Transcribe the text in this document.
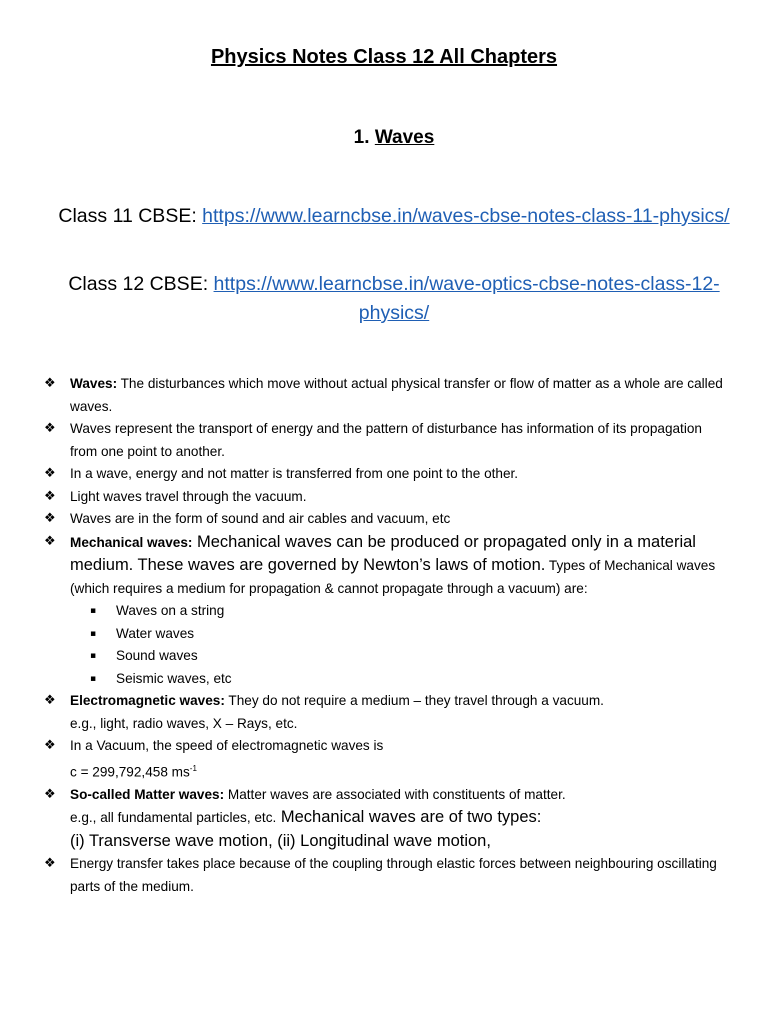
Physics Notes Class 12 All Chapters
1. Waves
Class 11 CBSE: https://www.learncbse.in/waves-cbse-notes-class-11-physics/
Class 12 CBSE: https://www.learncbse.in/wave-optics-cbse-notes-class-12-physics/
❖ Waves: The disturbances which move without actual physical transfer or flow of matter as a whole are called waves.
❖ Waves represent the transport of energy and the pattern of disturbance has information of its propagation from one point to another.
❖ In a wave, energy and not matter is transferred from one point to the other.
❖ Light waves travel through the vacuum.
❖ Waves are in the form of sound and air cables and vacuum, etc
❖ Mechanical waves: Mechanical waves can be produced or propagated only in a material medium. These waves are governed by Newton’s laws of motion. Types of Mechanical waves (which requires a medium for propagation & cannot propagate through a vacuum) are:
▪ Waves on a string
▪ Water waves
▪ Sound waves
▪ Seismic waves, etc
❖ Electromagnetic waves: They do not require a medium – they travel through a vacuum.
e.g., light, radio waves, X – Rays, etc.
❖ In a Vacuum, the speed of electromagnetic waves is
c = 299,792,458 $ms^{-1}$
❖ So-called Matter waves: Matter waves are associated with constituents of matter.
e.g., all fundamental particles, etc. Mechanical waves are of two types:
(i) Transverse wave motion, (ii) Longitudinal wave motion,
❖ Energy transfer takes place because of the coupling through elastic forces between neighbouring oscillating parts of the medium.
